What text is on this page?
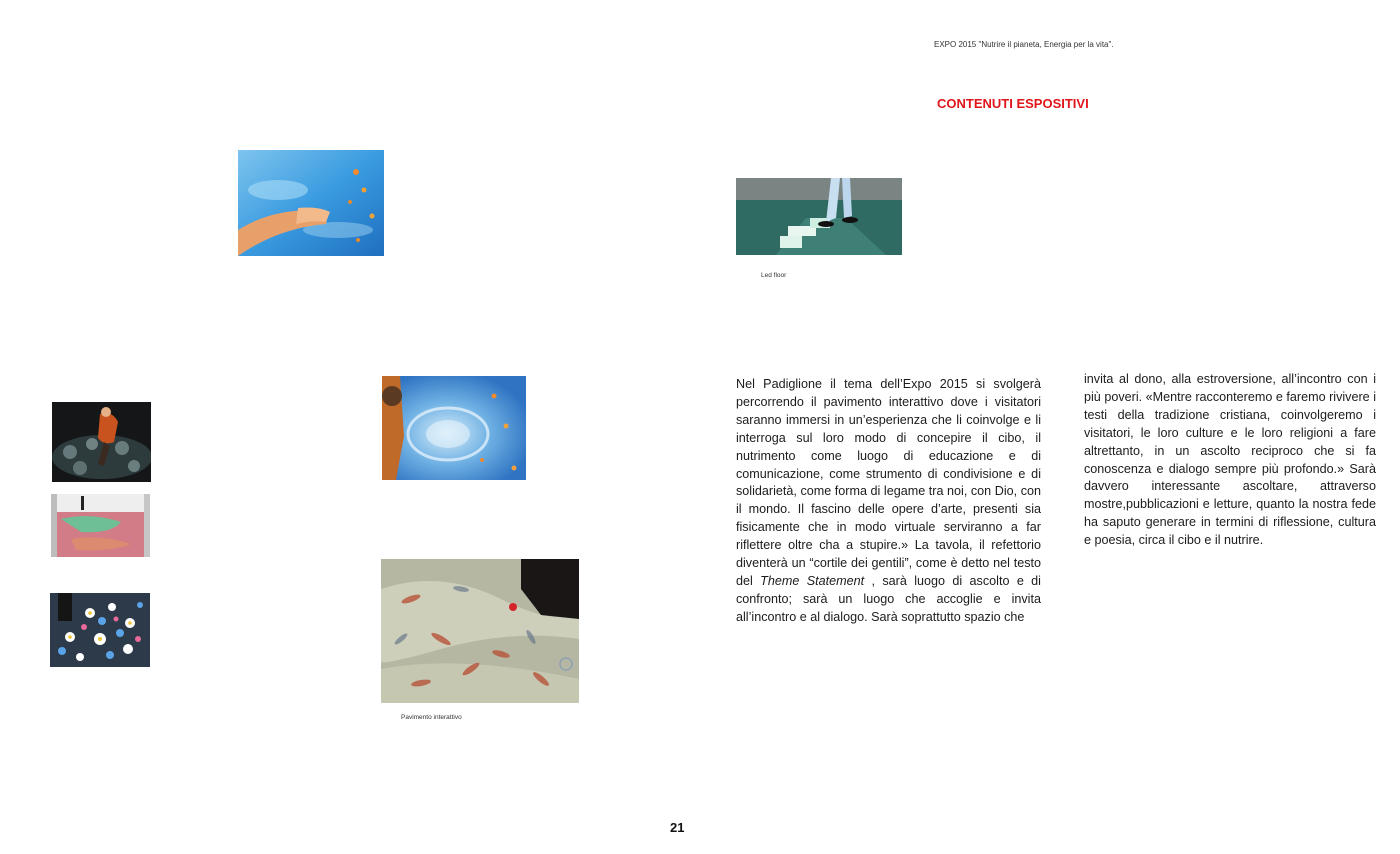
EXPO 2015 "Nutrire il pianeta, Energia per la vita".
CONTENUTI ESPOSITIVI
Led floor
Pavimento interattivo

Nel Padiglione il tema dell’Expo 2015 si svolgerà percorrendo il pavimento interattivo dove i visitatori saranno immersi in un’esperienza che li coinvolge e li interroga sul loro modo di concepire il cibo, il nutrimento come luogo di educazione e di comunicazione, come strumento di condivisione e di solidarietà, come forma di legame tra noi, con Dio, con il mondo. Il fascino delle opere d’arte, presenti sia fisicamente che in modo virtuale serviranno a far riflettere oltre cha a stupire.» La tavola, il refettorio diventerà un “cortile dei gentili”, come è detto nel testo del Theme Statement , sarà luogo di ascolto e di confronto; sarà un luogo che accoglie e invita all’incontro e al dialogo. Sarà soprattutto spazio che

invita al dono, alla estroversione, all’incontro con i più poveri. «Mentre racconteremo e faremo rivivere i testi della tradizione cristiana, coinvolgeremo i visitatori, le loro culture e le loro religioni a fare altrettanto, in un ascolto reciproco che si fa conoscenza e dialogo sempre più profondo.» Sarà davvero interessante ascoltare, attraverso mostre,pubblicazioni e letture, quanto la nostra fede ha saputo generare in termini di riflessione, cultura e poesia, circa il cibo e il nutrire.

21
